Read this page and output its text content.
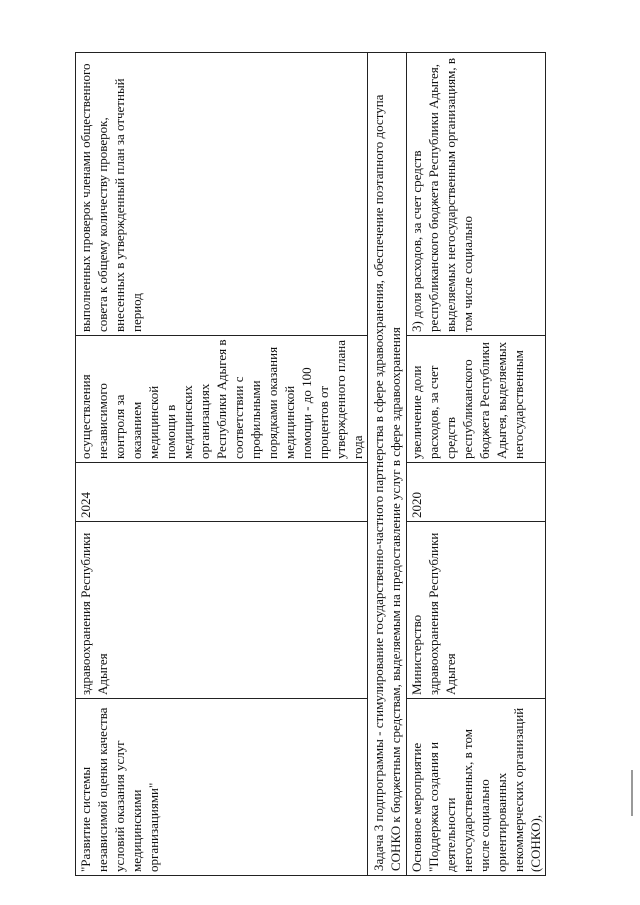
"Развитие системы независимой оценки качества условий оказания услуг медицинскими организациями"	здравоохранения Республики Адыгея	2024	осуществления независимого контроля за оказанием медицинской помощи в медицинских организациях Республики Адыгея в соответствии с профильными порядками оказания медицинской помощи - до 100 процентов от утвержденного плана года	выполненных проверок членами общественного совета к общему количеству проверок, внесенных в утвержденный план за отчетный период
Задача 3 подпрограммы - стимулирование государственно-частного партнерства в сфере здравоохранения, обеспечение поэтапного доступа СОНКО к бюджетным средствам, выделяемым на предоставление услуг в сфере здравоохранения				
Основное мероприятие "Поддержка создания и деятельности негосударственных, в том числе социально ориентированных некоммерческих организаций (СОНКО),	Министерство здравоохранения Республики Адыгея	2020	увеличение доли расходов, за счет средств республиканского бюджета Республики Адыгея, выделяемых негосударственным	3) доля расходов, за счет средств республиканского бюджета Республики Адыгея, выделяемых негосударственным организациям, в том числе социально
